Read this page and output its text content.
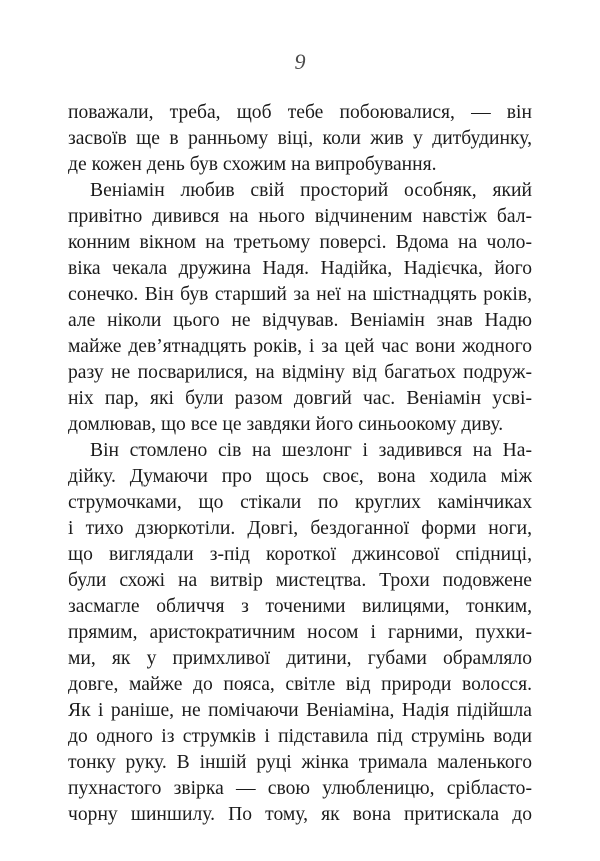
9
поважали, треба, щоб тебе побоювалися, — він
засвоїв ще в ранньому віці, коли жив у дитбудинку,
де кожен день був схожим на випробування.
Веніамін любив свій просторий особняк, який
привітно дивився на нього відчиненим навстіж бал-
конним вікном на третьому поверсі. Вдома на чоло-
віка чекала дружина Надя. Надійка, Надієчка, його
сонечко. Він був старший за неї на шістнадцять років,
але ніколи цього не відчував. Веніамін знав Надю
майже дев’ятнадцять років, і за цей час вони жодного
разу не посварилися, на відміну від багатьох подруж-
ніх пар, які були разом довгий час. Веніамін усві-
домлював, що все це завдяки його синьоокому диву.
Він стомлено сів на шезлонг і задивився на На-
дійку. Думаючи про щось своє, вона ходила між
струмочками, що стікали по круглих камінчиках
і тихо дзюркотіли. Довгі, бездоганної форми ноги,
що виглядали з-під короткої джинсової спідниці,
були схожі на витвір мистецтва. Трохи подовжене
засмагле обличчя з точеними вилицями, тонким,
прямим, аристократичним носом і гарними, пухки-
ми, як у примхливої дитини, губами обрамляло
довге, майже до пояса, світле від природи волосся.
Як і раніше, не помічаючи Веніаміна, Надія підійшла
до одного із струмків і підставила під струмінь води
тонку руку. В іншій руці жінка тримала маленького
пухнастого звірка — свою улюбленицю, срібласто-
чорну шиншилу. По тому, як вона притискала до
